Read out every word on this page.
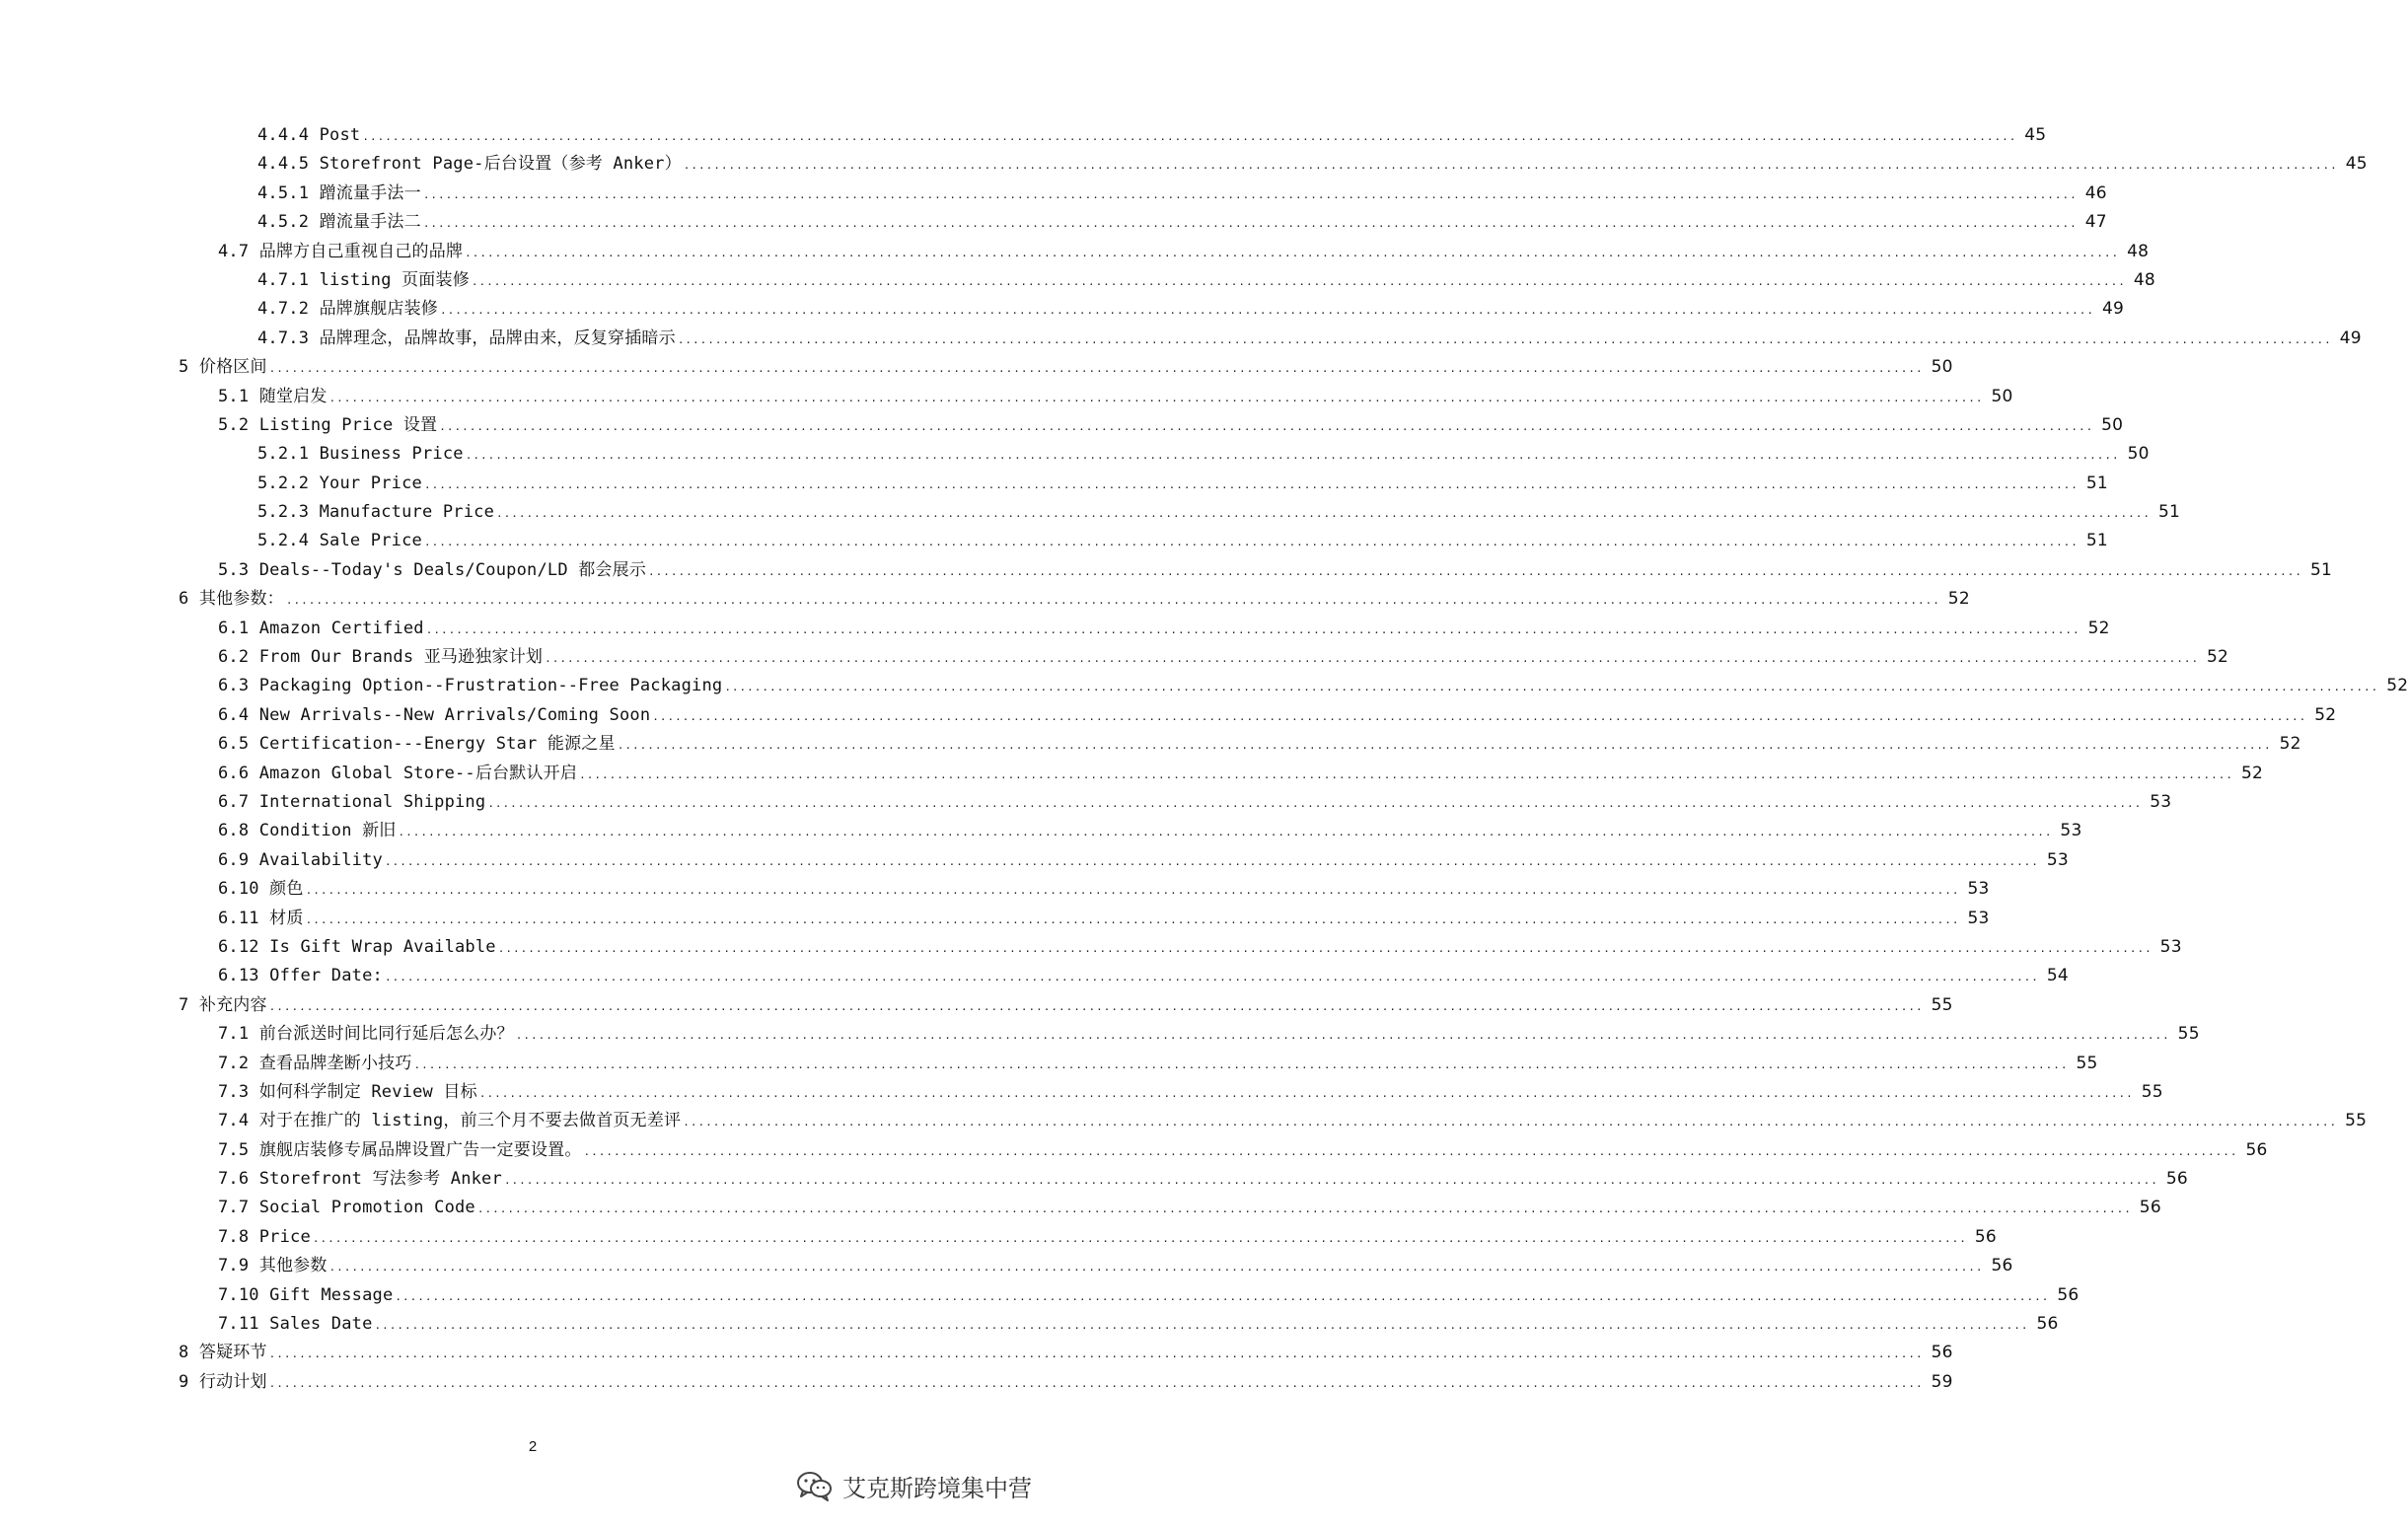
4.4.4 Post ............................................................................................................................................................................................................................ 45
4.4.5 Storefront Page-后台设置（参考 Anker） ............................................................................................................................................................................................................................ 45
4.5.1 蹭流量手法一 ............................................................................................................................................................................................................................ 46
4.5.2 蹭流量手法二 ............................................................................................................................................................................................................................ 47
4.7 品牌方自己重视自己的品牌 ............................................................................................................................................................................................................................ 48
4.7.1 listing 页面装修 ............................................................................................................................................................................................................................ 48
4.7.2 品牌旗舰店装修 ............................................................................................................................................................................................................................ 49
4.7.3 品牌理念，品牌故事，品牌由来，反复穿插暗示 ............................................................................................................................................................................................................................ 49
5 价格区间 ............................................................................................................................................................................................................................ 50
5.1 随堂启发 ............................................................................................................................................................................................................................ 50
5.2 Listing Price 设置 ............................................................................................................................................................................................................................ 50
5.2.1 Business Price ............................................................................................................................................................................................................................ 50
5.2.2 Your Price ............................................................................................................................................................................................................................ 51
5.2.3 Manufacture Price ............................................................................................................................................................................................................................ 51
5.2.4 Sale Price ............................................................................................................................................................................................................................ 51
5.3 Deals--Today's Deals/Coupon/LD 都会展示 ............................................................................................................................................................................................................................ 51
6 其他参数： ............................................................................................................................................................................................................................ 52
6.1 Amazon Certified ............................................................................................................................................................................................................................ 52
6.2 From Our Brands 亚马逊独家计划 ............................................................................................................................................................................................................................ 52
6.3 Packaging Option--Frustration--Free Packaging ............................................................................................................................................................................................................................ 52
6.4 New Arrivals--New Arrivals/Coming Soon ............................................................................................................................................................................................................................ 52
6.5 Certification---Energy Star 能源之星 ............................................................................................................................................................................................................................ 52
6.6 Amazon Global Store--后台默认开启 ............................................................................................................................................................................................................................ 52
6.7 International Shipping ............................................................................................................................................................................................................................ 53
6.8 Condition 新旧 ............................................................................................................................................................................................................................ 53
6.9 Availability ............................................................................................................................................................................................................................ 53
6.10 颜色 ............................................................................................................................................................................................................................ 53
6.11 材质 ............................................................................................................................................................................................................................ 53
6.12 Is Gift Wrap Available ............................................................................................................................................................................................................................ 53
6.13 Offer Date: ............................................................................................................................................................................................................................ 54
7 补充内容 ............................................................................................................................................................................................................................ 55
7.1 前台派送时间比同行延后怎么办？ ............................................................................................................................................................................................................................ 55
7.2 查看品牌垄断小技巧 ............................................................................................................................................................................................................................ 55
7.3 如何科学制定 Review 目标 ............................................................................................................................................................................................................................ 55
7.4 对于在推广的 listing，前三个月不要去做首页无差评 ............................................................................................................................................................................................................................ 55
7.5 旗舰店装修专属品牌设置广告一定要设置。 ............................................................................................................................................................................................................................ 56
7.6 Storefront 写法参考 Anker ............................................................................................................................................................................................................................ 56
7.7 Social Promotion Code ............................................................................................................................................................................................................................ 56
7.8 Price ............................................................................................................................................................................................................................ 56
7.9 其他参数 ............................................................................................................................................................................................................................ 56
7.10 Gift Message ............................................................................................................................................................................................................................ 56
7.11 Sales Date ............................................................................................................................................................................................................................ 56
8 答疑环节 ............................................................................................................................................................................................................................ 56
9 行动计划 ............................................................................................................................................................................................................................ 59
2
艾克斯跨境集中营
